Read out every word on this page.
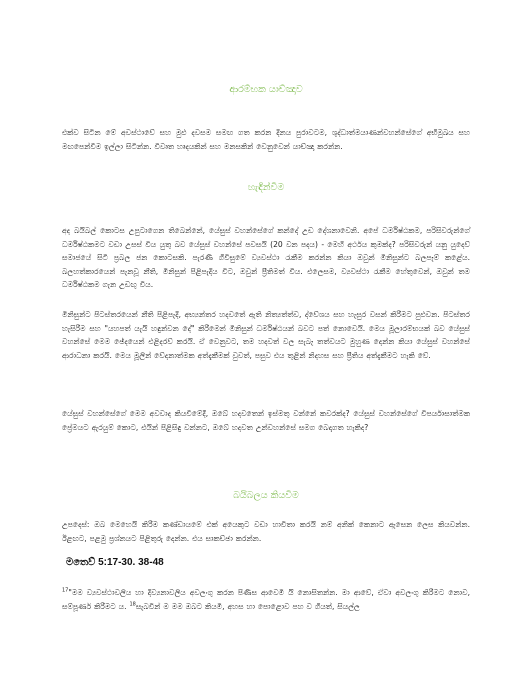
ආරම්භක යාච්ඤාව
එක්ව සිටින මේ අවස්ථාවේ සහ මුළු දවසම සමඟ ගත කරන දිනය පුරාවටම, ශුද්ධාත්මයාණන්වහන්සේගේ අභිමුඛය සහ මඟපෙන්වීම ඉල්ලා සිටින්න. විවෘත හෘදයකින් සහ මනසකින් වෙනුවෙන් යාච්ඤා කරන්න.
හැඳින්වීම
අද බයිබල් කොටස උපුටාගෙන තිබෙන්නේ, යේසුස් වහන්සේගේ කන්දේ උඩ දේශනාවෙනි. අපේ ධර්මිෂ්ඨකම, පරිසිවරුන්ගේ ධර්මිෂ්ඨකමට වඩා උසස් විය යුතු බව යේසුස් වහන්සේ පවසයි (20 වන පදය) - මෙහි අර්ථය කුමක්ද? පරිසිවරුන් යනු යුදෙව් සමාජයේ සිටි ප්‍රබල ජන කොටසකි. පැරණි ගිවිසුමේ ව්‍යවස්ථා රැකීම කරන්න කියා ඔවුන් මිනිසුන්ට බලපෑම් කළේය. බලහත්කාරයෙන් පැනවූ නීති, මිනිසුන් පිළිපැදිය විට, ඔවුන් ප්‍රීතිමත් විය. එලෙසම, ව්‍යවස්ථා රැකීම හේතුවෙන්, ඔවුන් තම ධර්මිෂ්ඨකම ගැන උඩඟු විය.
මිනිසුන්ට පිටස්තරයෙන් නීති පිළිපැදි, අභ්‍යන්තර හදවතේ ඇති නිත්‍යත්ත්ව, ද්වේශය සහ හැසුර වසන් කිරීමට පුළුවන. පිටස්තර හැසිරීම සහ "යහපත් යැයි හඳුන්වන දේ" කිරීමෙන් මිනිසුන් ධර්මිෂ්ඨයන් බවට පත් නොවෙයි. මෙය මූලාරම්භයක් බව යේසුස් වහන්සේ මෙම ඡේදයෙන් එළිදරව් කරයි. ඒ වෙනුවට, තම හදවත් වල සැබෑ තත්වයට මුහුණ දෙන්න කියා යේසුස් වහන්සේ ආරාධනා කරයි. මෙය මූලින් වේදනාත්මක අත්දැකීමක් වුවත්, පසුව එය තුළින් නිදහස සහ ප්‍රීතිය අත්දැකීමට හැකි වේ.
යේසුස් වහන්සේගේ මෙම අවවාද කියවීමේදී, ඔබේ හදවතෙන් ඉස්මතු වන්නේ කවරක්ද? යේසුස් වහන්සේගේ විපර්යාසාත්මක ප්‍රේමයට ඇරයුම් කොට, එයින් පිළිසිඳු වන්නට, ඔබේ හදවත උන්වහන්සේ සමග බෙදාගත හැකිද?
බයිබලය කියවීම
උපදෙස්: ඔබ මෙහෙයි කිරීම කණ්ඩායමේ එක් අයෙකුට වඩා හාවිතා කරයි නම් අනික් කෙනාට ඇසෙන ලෙස කියවන්න. ඊළඟට, පළමු ප්‍රශ්නයට පිළිතුරු දෙන්න. එය සාකච්ඡා කරන්න.
මතෙව් 5:17-30. 38-48
$^{17}$"මම ව්‍යවස්ථාවලිය හා දිව්‍යනාවලිය අවලංගු කරන පිණිස ආවෙමි යි නොසිතන්න. මා ආවේ, ඒවා අවලංගු කිරීමට නොව, සම්පූර්ණ කිරීමට ය. $^{18}$සැබවින් ම මම ඔබට කියමි, අහස හා පොළොව පහ ව ගියත්, සියල්ල
